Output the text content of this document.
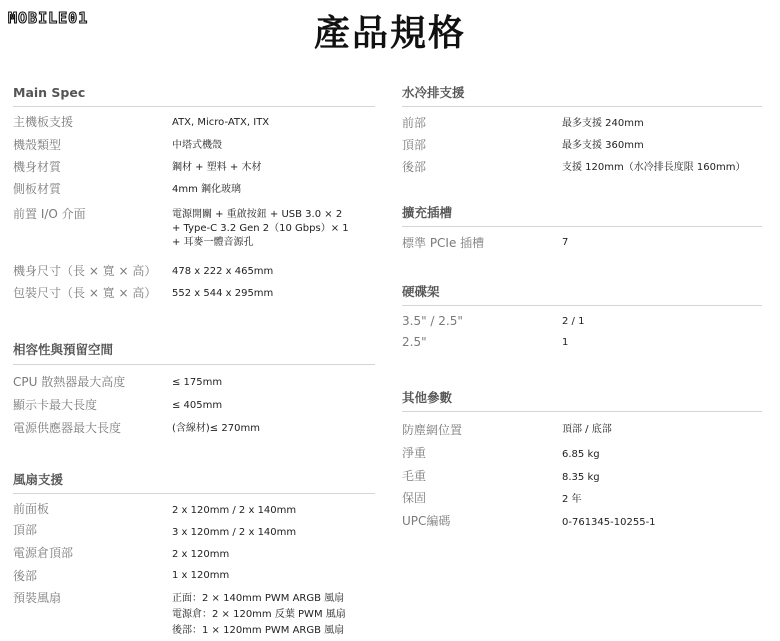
MOBILE01	產品規格
Main Spec
主機板支援	ATX, Micro-ATX, ITX
機殼類型	中塔式機殼
機身材質	鋼材 + 塑料 + 木材
側板材質	4mm 鋼化玻璃
前置 I/O 介面	電源開關 + 重啟按鈕 + USB 3.0 × 2
+ Type-C 3.2 Gen 2（10 Gbps）× 1
+ 耳麥一體音源孔
機身尺寸（長 × 寬 × 高） 478 x 222 x 465mm
包裝尺寸（長 × 寬 × 高） 552 x 544 x 295mm
相容性與預留空間
CPU 散熱器最大高度	≤ 175mm
顯示卡最大長度	≤ 405mm
電源供應器最大長度	(含線材)≤ 270mm
風扇支援
前面板	2 x 120mm / 2 x 140mm
頂部	3 x 120mm / 2 x 140mm
電源倉頂部	2 x 120mm
後部	1 x 120mm
預裝風扇	正面：2 × 140mm PWM ARGB 風扇
電源倉：2 × 120mm 反葉 PWM 風扇
後部：1 × 120mm PWM ARGB 風扇
水冷排支援
前部	最多支援 240mm
頂部	最多支援 360mm
後部	支援 120mm（水冷排長度限 160mm）
擴充插槽
標準 PCIe 插槽	7
硬碟架
3.5" / 2.5"	2 / 1
2.5"	1
其他參數
防塵網位置	頂部 / 底部
淨重	6.85 kg
毛重	8.35 kg
保固	2 年
UPC編碼	0-761345-10255-1
